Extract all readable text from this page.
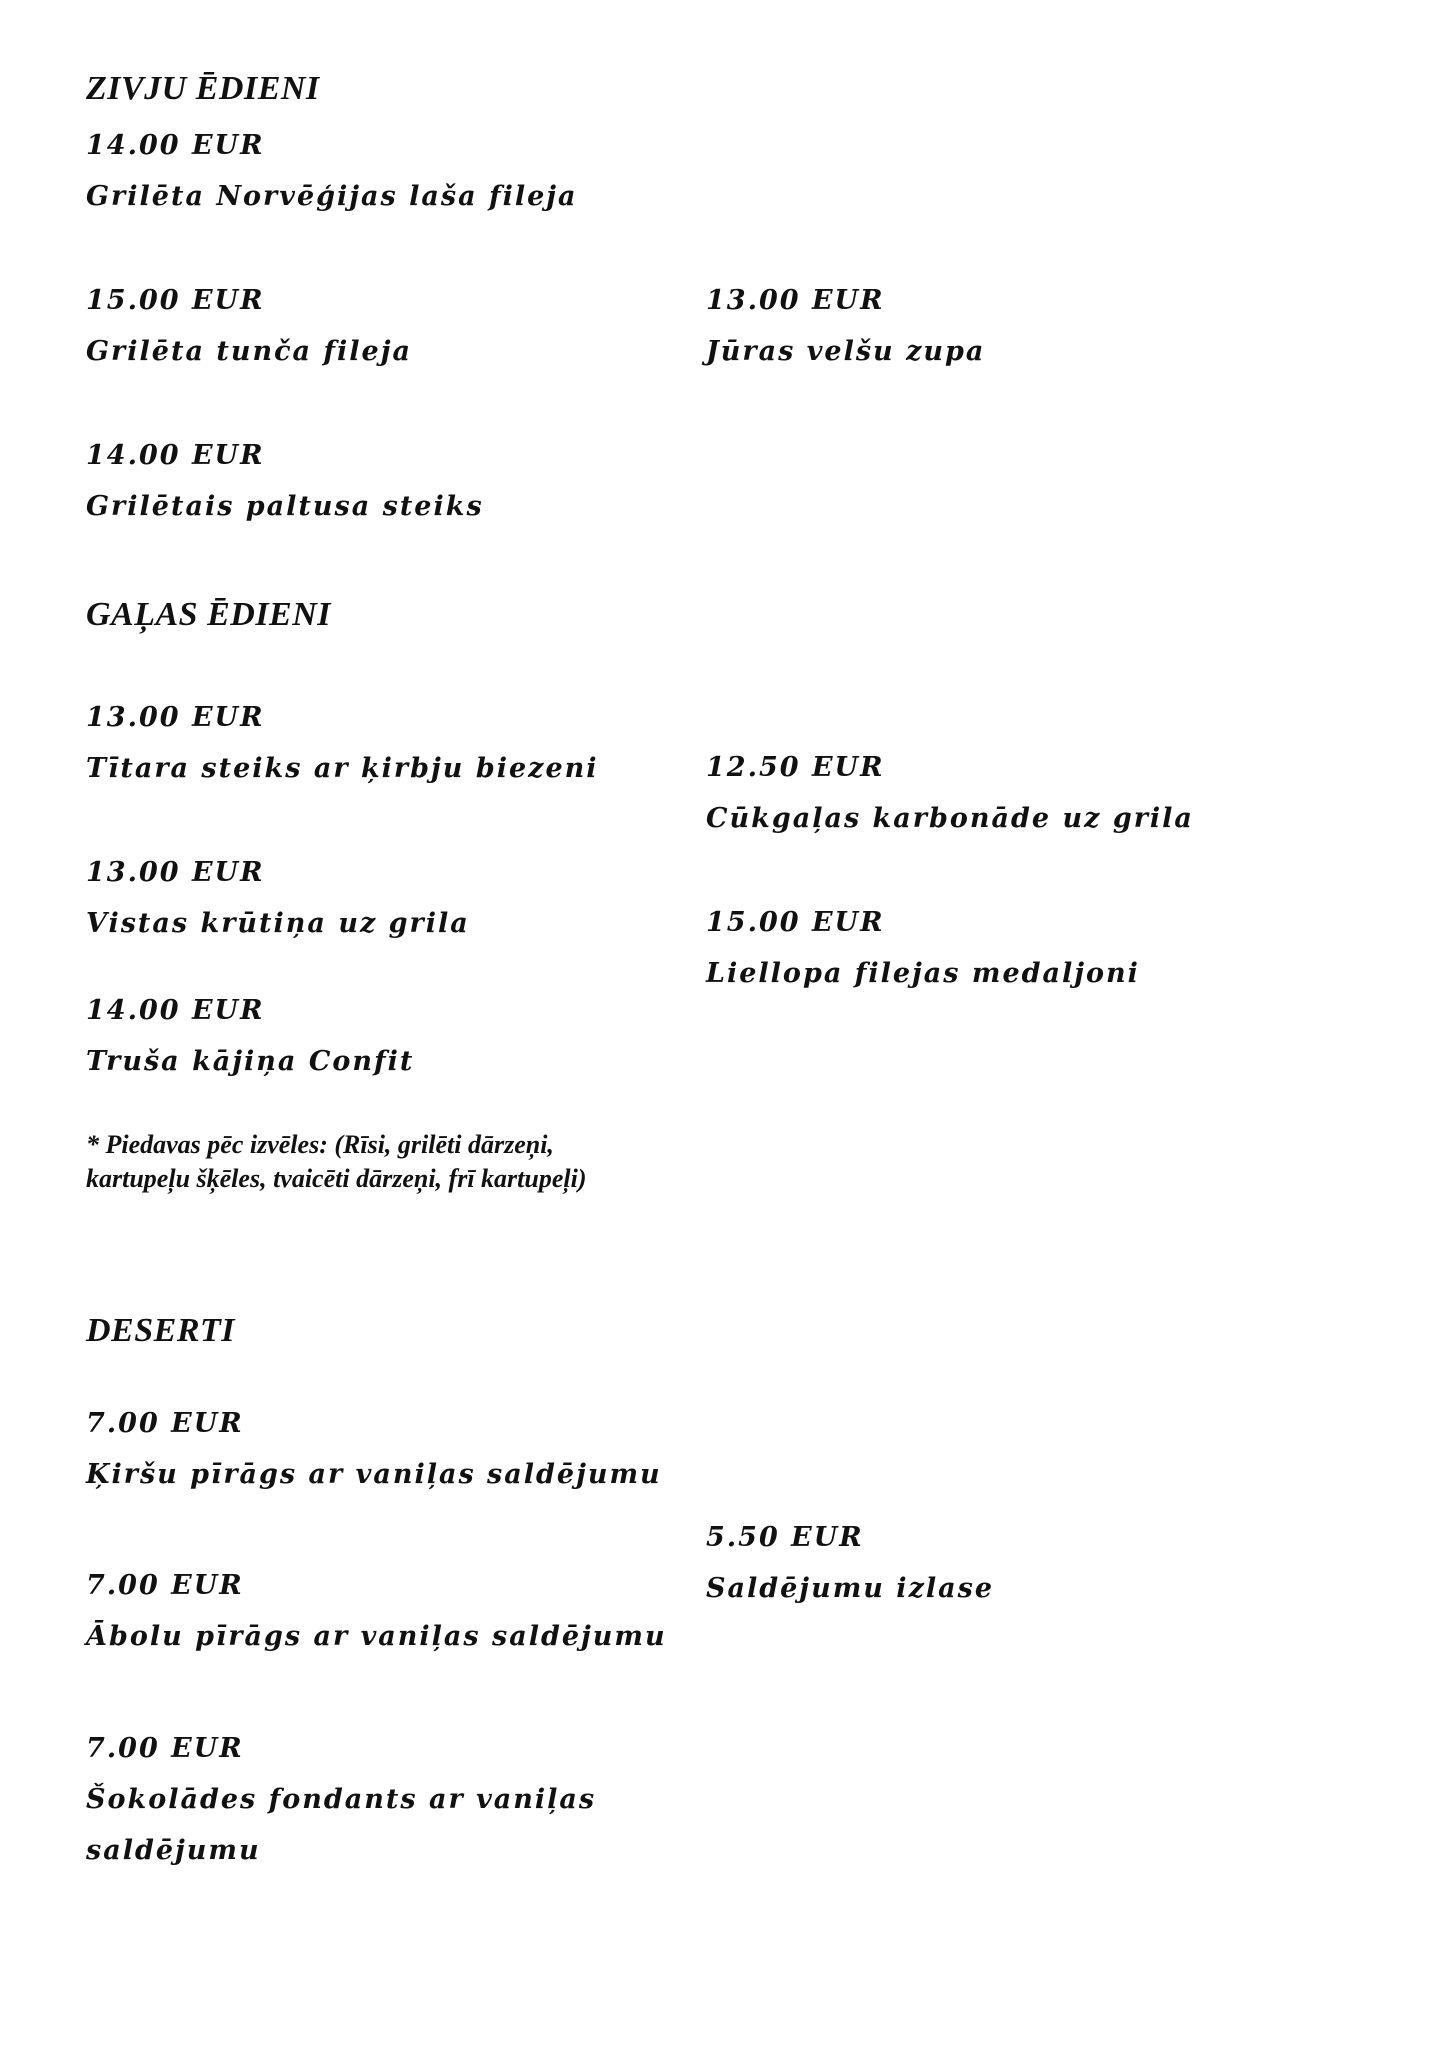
ZIVJU ĒDIENI
14.00 EUR
Grilēta Norvēģijas laša fileja
15.00 EUR
Grilēta tunča fileja
13.00 EUR
Jūras velšu zupa
14.00 EUR
Grilētais paltusa steiks
GAĻAS ĒDIENI
13.00 EUR
Tītara steiks ar ķirbju biezeni	12.50 EUR
Cūkgaļas karbonāde uz grila
13.00 EUR
Vistas krūtiņa uz grila	15.00 EUR
Liellopa filejas medaljoni
14.00 EUR
Truša kājiņa Confit
* Piedavas pēc izvēles: (Rīsi, grilēti dārzeņi, kartupeļu šķēles, tvaicēti dārzeņi, frī kartupeļi)
DESERTI
7.00 EUR
Ķiršu pīrāgs ar vaniļas saldējumu
5.50 EUR
Saldējumu izlase
7.00 EUR
Ābolu pīrāgs ar vaniļas saldējumu
7.00 EUR
Šokolādes fondants ar vaniļas
saldējumu
